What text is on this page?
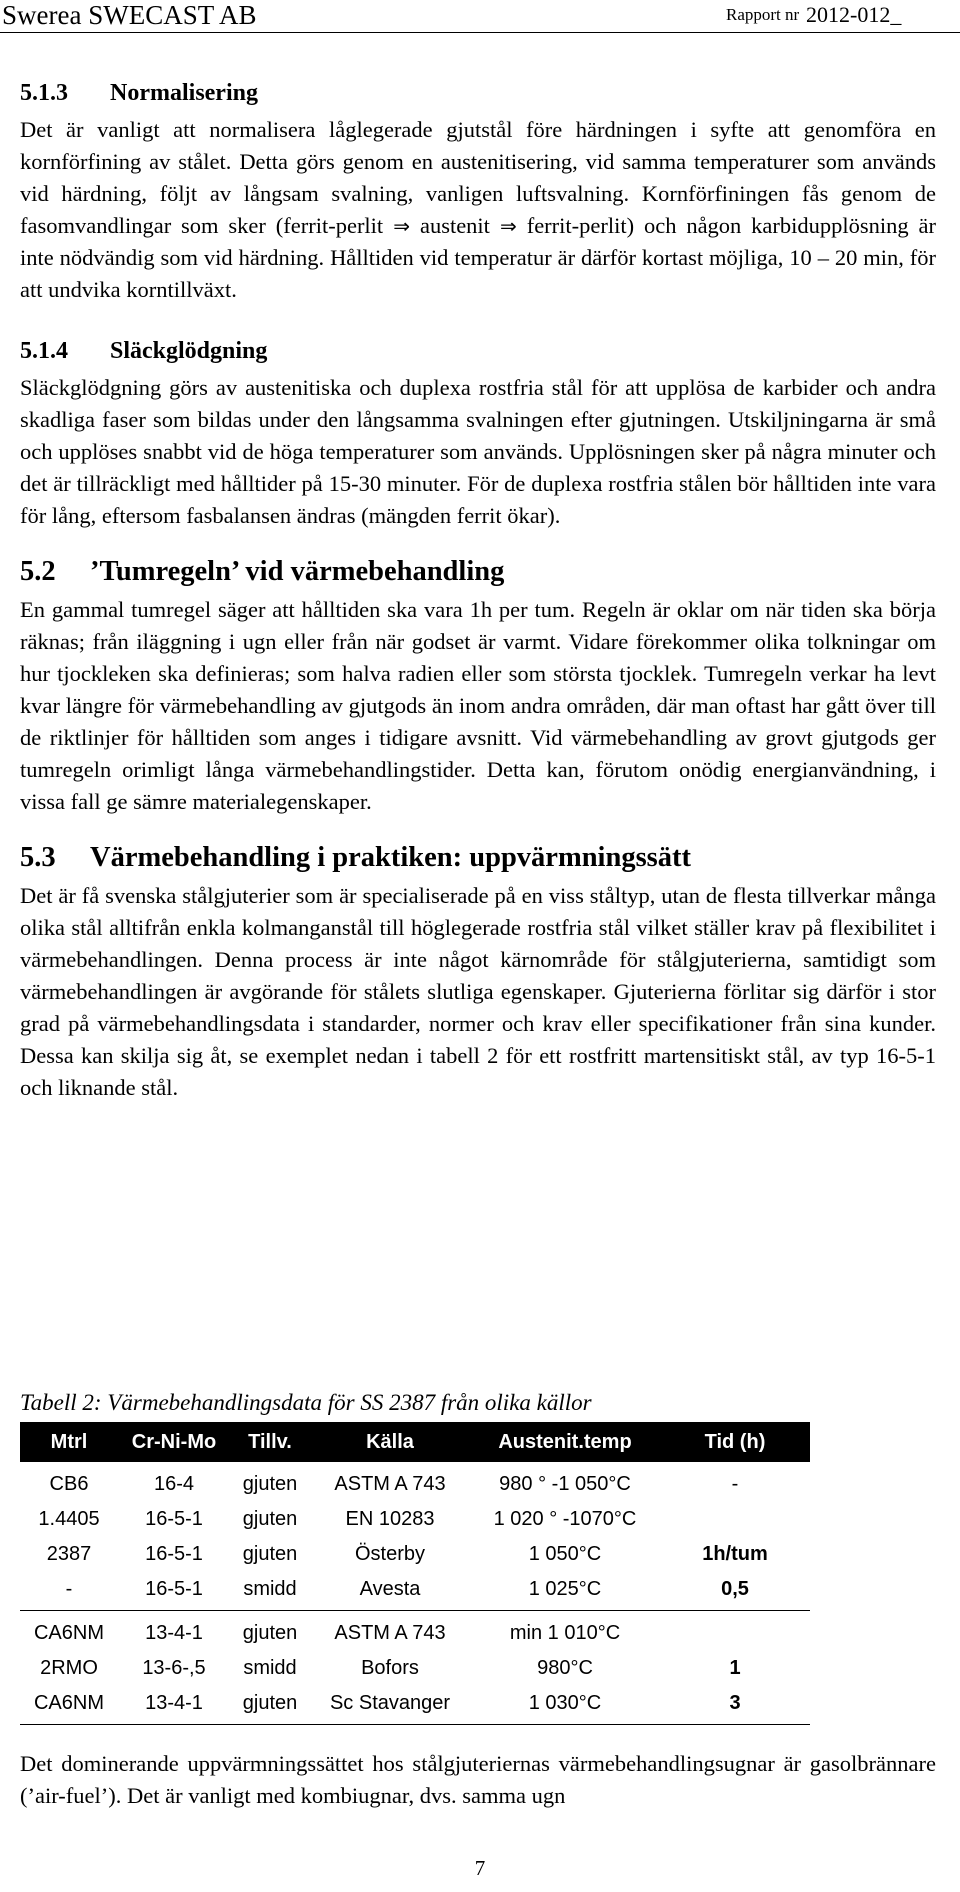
Swerea SWECAST AB	Rapport nr 2012-012_
5.1.3 Normalisering

Det är vanligt att normalisera låglegerade gjutstål före härdningen i syfte att genomföra en kornförfining av stålet. Detta görs genom en austenitisering, vid samma temperaturer som används vid härdning, följt av långsam svalning, vanligen luftsvalning. Kornförfiningen fås genom de fasomvandlingar som sker (ferrit-perlit ⇒ austenit ⇒ ferrit-perlit) och någon karbidupplösning är inte nödvändig som vid härdning. Hålltiden vid temperatur är därför kortast möjliga, 10 – 20 min, för att undvika korntillväxt.

5.1.4 Släckglödgning

Släckglödgning görs av austenitiska och duplexa rostfria stål för att upplösa de karbider och andra skadliga faser som bildas under den långsamma svalningen efter gjutningen. Utskiljningarna är små och upplöses snabbt vid de höga temperaturer som används. Upplösningen sker på några minuter och det är tillräckligt med hålltider på 15-30 minuter. För de duplexa rostfria stålen bör hålltiden inte vara för lång, eftersom fasbalansen ändras (mängden ferrit ökar).

5.2 ’Tumregeln’ vid värmebehandling

En gammal tumregel säger att hålltiden ska vara 1h per tum. Regeln är oklar om när tiden ska börja räknas; från iläggning i ugn eller från när godset är varmt. Vidare förekommer olika tolkningar om hur tjockleken ska definieras; som halva radien eller som största tjocklek. Tumregeln verkar ha levt kvar längre för värmebehandling av gjutgods än inom andra områden, där man oftast har gått över till de riktlinjer för hålltiden som anges i tidigare avsnitt. Vid värmebehandling av grovt gjutgods ger tumregeln orimligt långa värmebehandlingstider. Detta kan, förutom onödig energianvändning, i vissa fall ge sämre materialegenskaper.

5.3 Värmebehandling i praktiken: uppvärmningssätt

Det är få svenska stålgjuterier som är specialiserade på en viss ståltyp, utan de flesta tillverkar många olika stål alltifrån enkla kolmanganstål till höglegerade rostfria stål vilket ställer krav på flexibilitet i värmebehandlingen. Denna process är inte något kärnområde för stålgjuterierna, samtidigt som värmebehandlingen är avgörande för stålets slutliga egenskaper. Gjuterierna förlitar sig därför i stor grad på värmebehandlingsdata i standarder, normer och krav eller specifikationer från sina kunder. Dessa kan skilja sig åt, se exemplet nedan i tabell 2 för ett rostfritt martensitiskt stål, av typ 16-5-1 och liknande stål.

Tabell 2: Värmebehandlingsdata för SS 2387 från olika källor
Mtrl	Cr-Ni-Mo	Tillv.	Källa	Austenit.temp	Tid (h)
CB6	16-4	gjuten	ASTM A 743	980 ° -1 050°C	-
1.4405	16-5-1	gjuten	EN 10283	1 020 ° -1070°C
2387	16-5-1	gjuten	Österby	1 050°C	1h/tum
-	16-5-1	smidd	Avesta	1 025°C	0,5
CA6NM	13-4-1	gjuten	ASTM A 743	min 1 010°C
2RMO	13-6-,5	smidd	Bofors	980°C	1
CA6NM	13-4-1	gjuten	Sc Stavanger	1 030°C	3

Det dominerande uppvärmningssättet hos stålgjuteriernas värmebehandlingsugnar är gasolbrännare (’air-fuel’). Det är vanligt med kombiugnar, dvs. samma ugn

7
